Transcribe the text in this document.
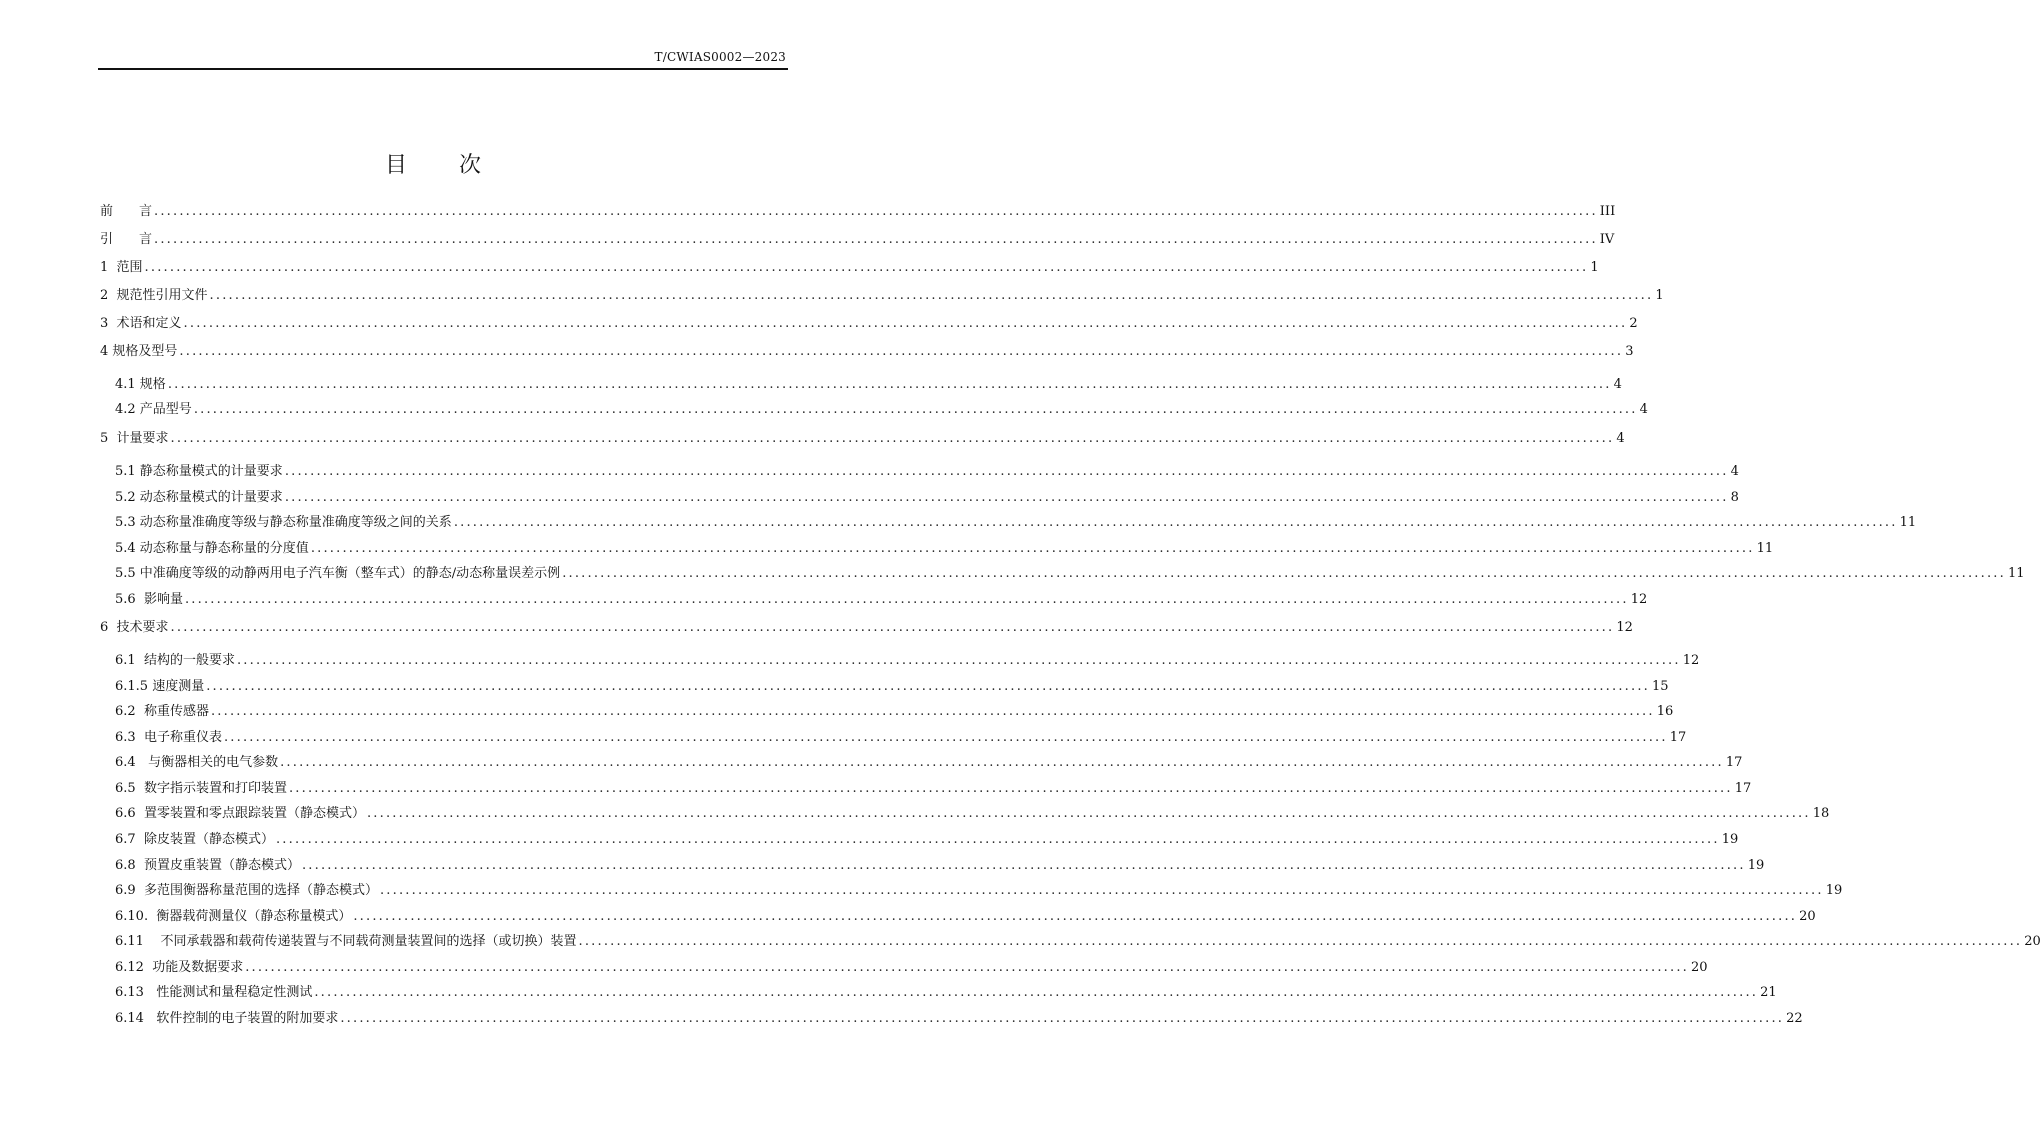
T/CWIAS0002—2023
目 次
前　　言 .................................................................................................................................................................................................................................... III
引　　言 .................................................................................................................................................................................................................................... IV
1  范围 .................................................................................................................................................................................................................................... 1
2  规范性引用文件 .................................................................................................................................................................................................................................... 1
3  术语和定义 .................................................................................................................................................................................................................................... 2
4 规格及型号 .................................................................................................................................................................................................................................... 3
4.1 规格 .................................................................................................................................................................................................................................... 4
4.2 产品型号 .................................................................................................................................................................................................................................... 4
5  计量要求 .................................................................................................................................................................................................................................... 4
5.1 静态称量模式的计量要求 .................................................................................................................................................................................................................................... 4
5.2 动态称量模式的计量要求 .................................................................................................................................................................................................................................... 8
5.3 动态称量准确度等级与静态称量准确度等级之间的关系 .................................................................................................................................................................................................................................... 11
5.4 动态称量与静态称量的分度值 .................................................................................................................................................................................................................................... 11
5.5 中准确度等级的动静两用电子汽车衡（整车式）的静态/动态称量误差示例 .................................................................................................................................................................................................................................... 11
5.6  影响量 .................................................................................................................................................................................................................................... 12
6  技术要求 .................................................................................................................................................................................................................................... 12
6.1  结构的一般要求 .................................................................................................................................................................................................................................... 12
6.1.5 速度测量 .................................................................................................................................................................................................................................... 15
6.2  称重传感器 .................................................................................................................................................................................................................................... 16
6.3  电子称重仪表 .................................................................................................................................................................................................................................... 17
6.4   与衡器相关的电气参数 .................................................................................................................................................................................................................................... 17
6.5  数字指示装置和打印装置 .................................................................................................................................................................................................................................... 17
6.6  置零装置和零点跟踪装置（静态模式） .................................................................................................................................................................................................................................... 18
6.7  除皮装置（静态模式） .................................................................................................................................................................................................................................... 19
6.8  预置皮重装置（静态模式） .................................................................................................................................................................................................................................... 19
6.9  多范围衡器称量范围的选择（静态模式） .................................................................................................................................................................................................................................... 19
6.10.  衡器载荷测量仪（静态称量模式） .................................................................................................................................................................................................................................... 20
6.11    不同承载器和载荷传递装置与不同载荷测量装置间的选择（或切换）装置 .................................................................................................................................................................................................................................... 20
6.12  功能及数据要求 .................................................................................................................................................................................................................................... 20
6.13   性能测试和量程稳定性测试 .................................................................................................................................................................................................................................... 21
6.14   软件控制的电子装置的附加要求 .................................................................................................................................................................................................................................... 22
